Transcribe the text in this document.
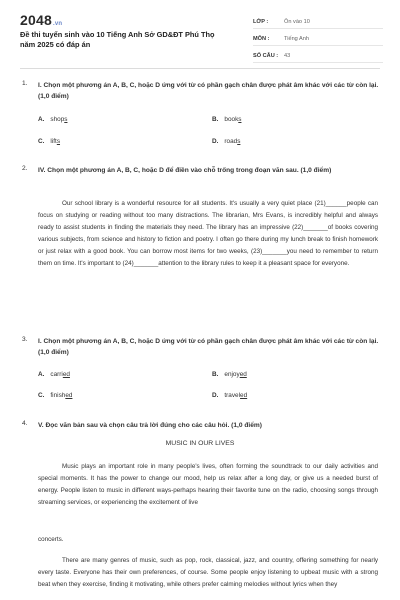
2048.vn
Đề thi tuyển sinh vào 10 Tiếng Anh Sở GD&ĐT Phú Thọ năm 2025 có đáp án
LỚP :	Ôn vào 10
MÔN :	Tiếng Anh
SỐ CÂU :	43
1. I. Chọn một phương án A, B, C, hoặc D ứng với từ có phần gạch chân được phát âm khác với các từ còn lại. (1,0 điểm)
A. shops	B. books
C. lifts	D. roads
2. IV. Chọn một phương án A, B, C, hoặc D để điền vào chỗ trống trong đoạn văn sau. (1,0 điểm)
Our school library is a wonderful resource for all students. It's usually a very quiet place (21)______people can focus on studying or reading without too many distractions. The librarian, Mrs Evans, is incredibly helpful and always ready to assist students in finding the materials they need. The library has an impressive (22)_______of books covering various subjects, from science and history to fiction and poetry. I often go there during my lunch break to finish homework or just relax with a good book. You can borrow most items for two weeks, (23)_______you need to remember to return them on time. It's important to (24)_______attention to the library rules to keep it a pleasant space for everyone.
3. I. Chọn một phương án A, B, C, hoặc D ứng với từ có phần gạch chân được phát âm khác với các từ còn lại. (1,0 điểm)
A. carried	B. enjoyed
C. finished	D. traveled
4. V. Đọc văn bản sau và chọn câu trả lời đúng cho các câu hỏi. (1,0 điểm)
MUSIC IN OUR LIVES
Music plays an important role in many people's lives, often forming the soundtrack to our daily activities and special moments. It has the power to change our mood, help us relax after a long day, or give us a needed burst of energy. People listen to music in different ways-perhaps hearing their favorite tune on the radio, choosing songs through streaming services, or experiencing the excitement of live
concerts.
There are many genres of music, such as pop, rock, classical, jazz, and country, offering something for nearly every taste. Everyone has their own preferences, of course. Some people enjoy listening to upbeat music with a strong beat when they exercise, finding it motivating, while others prefer calming melodies without lyrics when they
